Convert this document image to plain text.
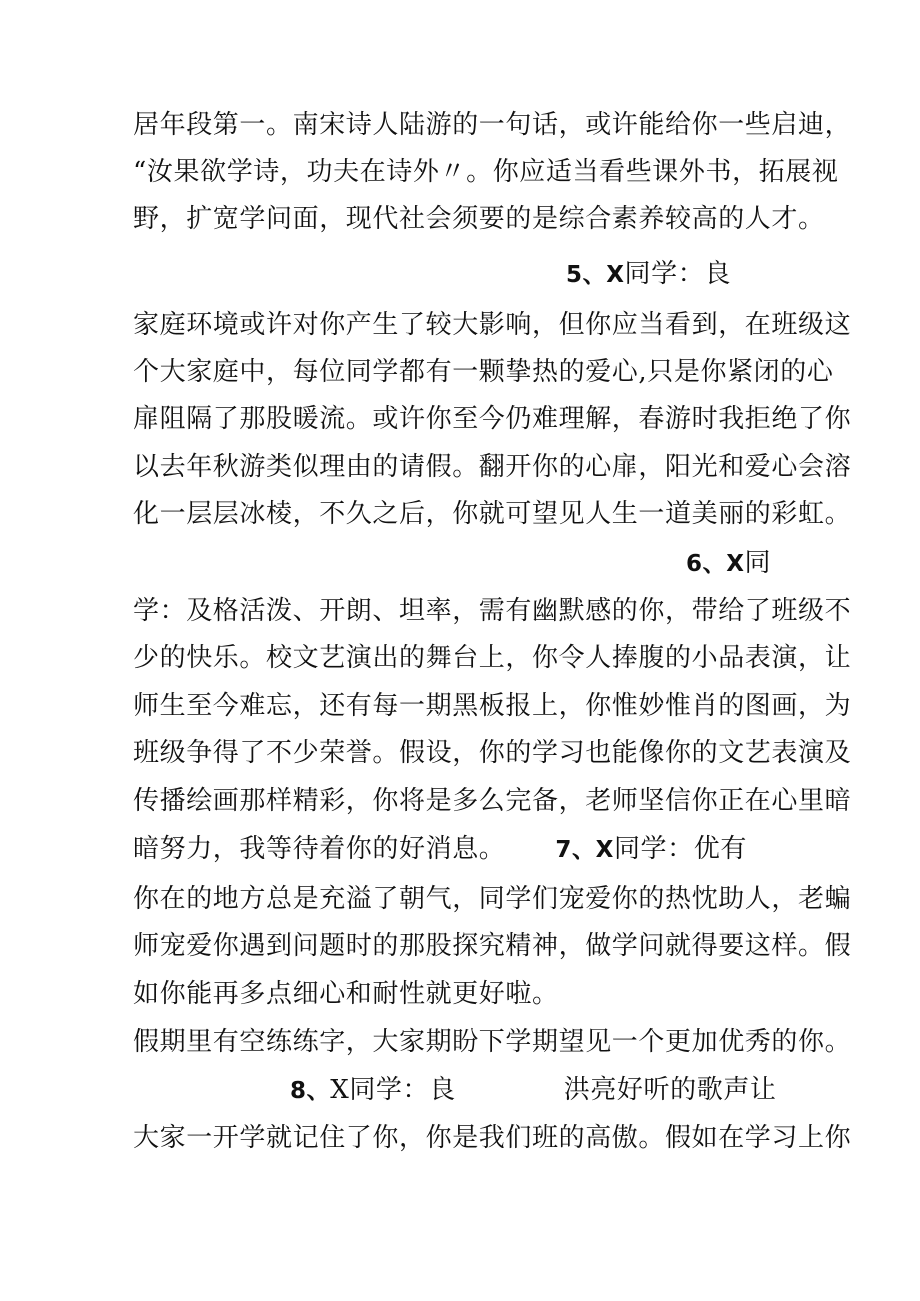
居年段第一。南宋诗人陆游的一句话，或许能给你一些启迪，
“汝果欲学诗，功夫在诗外〃。你应适当看些课外书，拓展视
野，扩宽学问面，现代社会须要的是综合素养较高的人才。
5、X同学：良
家庭环境或许对你产生了较大影响，但你应当看到，在班级这
个大家庭中，每位同学都有一颗挚热的爱心,只是你紧闭的心
扉阻隔了那股暖流。或许你至今仍难理解，春游时我拒绝了你
以去年秋游类似理由的请假。翻开你的心扉，阳光和爱心会溶
化一层层冰棱，不久之后，你就可望见人生一道美丽的彩虹。
6、X同
学：及格活泼、开朗、坦率，需有幽默感的你，带给了班级不
少的快乐。校文艺演出的舞台上，你令人捧腹的小品表演，让
师生至今难忘，还有每一期黑板报上，你惟妙惟肖的图画，为
班级争得了不少荣誉。假设，你的学习也能像你的文艺表演及
传播绘画那样精彩，你将是多么完备，老师坚信你正在心里暗
暗努力，我等待着你的好消息。 7、X同学：优有
你在的地方总是充溢了朝气，同学们宠爱你的热忱助人，老蝙
师宠爱你遇到问题时的那股探究精神，做学问就得要这样。假
如你能再多点细心和耐性就更好啦。
假期里有空练练字，大家期盼下学期望见一个更加优秀的你。
8、X同学：良	洪亮好听的歌声让
大家一开学就记住了你，你是我们班的高傲。假如在学习上你
